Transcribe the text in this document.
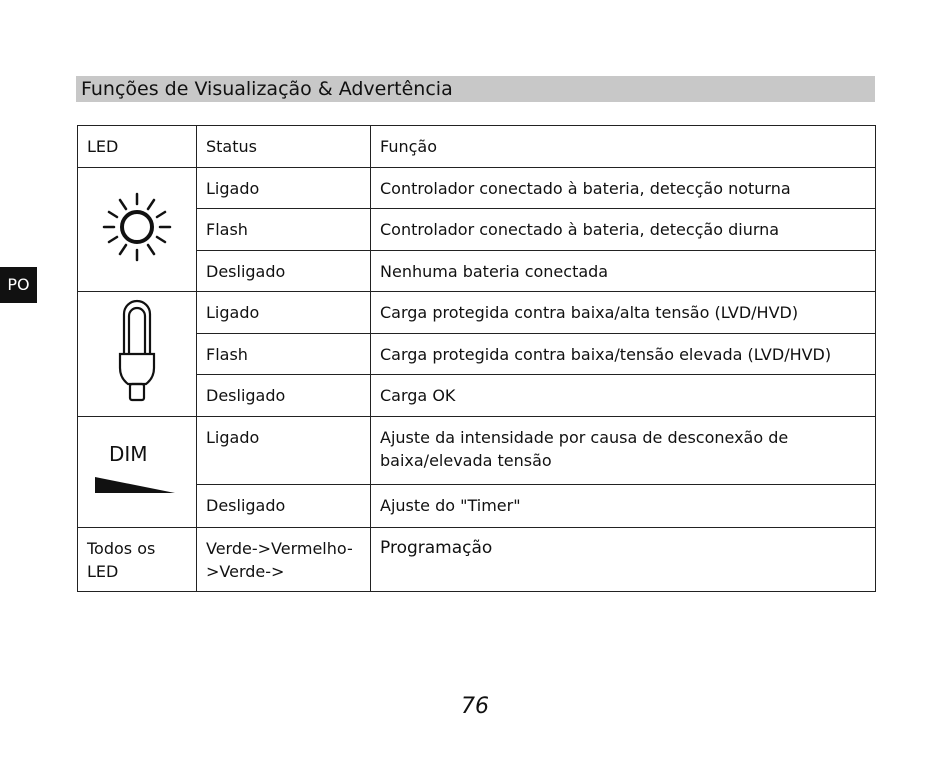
Funções de Visualização & Advertência
PO
LED	Status	Função
	Ligado	Controlador conectado à bateria, detecção noturna
	Flash	Controlador conectado à bateria, detecção diurna
	Desligado	Nenhuma bateria conectada
	Ligado	Carga protegida contra baixa/alta tensão (LVD/HVD)
	Flash	Carga protegida contra baixa/tensão elevada (LVD/HVD)
	Desligado	Carga OK

DIM	Ligado	Ajuste da intensidade por causa de desconexão de baixa/elevada tensão
	Desligado	Ajuste do "Timer"
Todos os LED	Verde->Vermelho->Verde->	Programação
76
